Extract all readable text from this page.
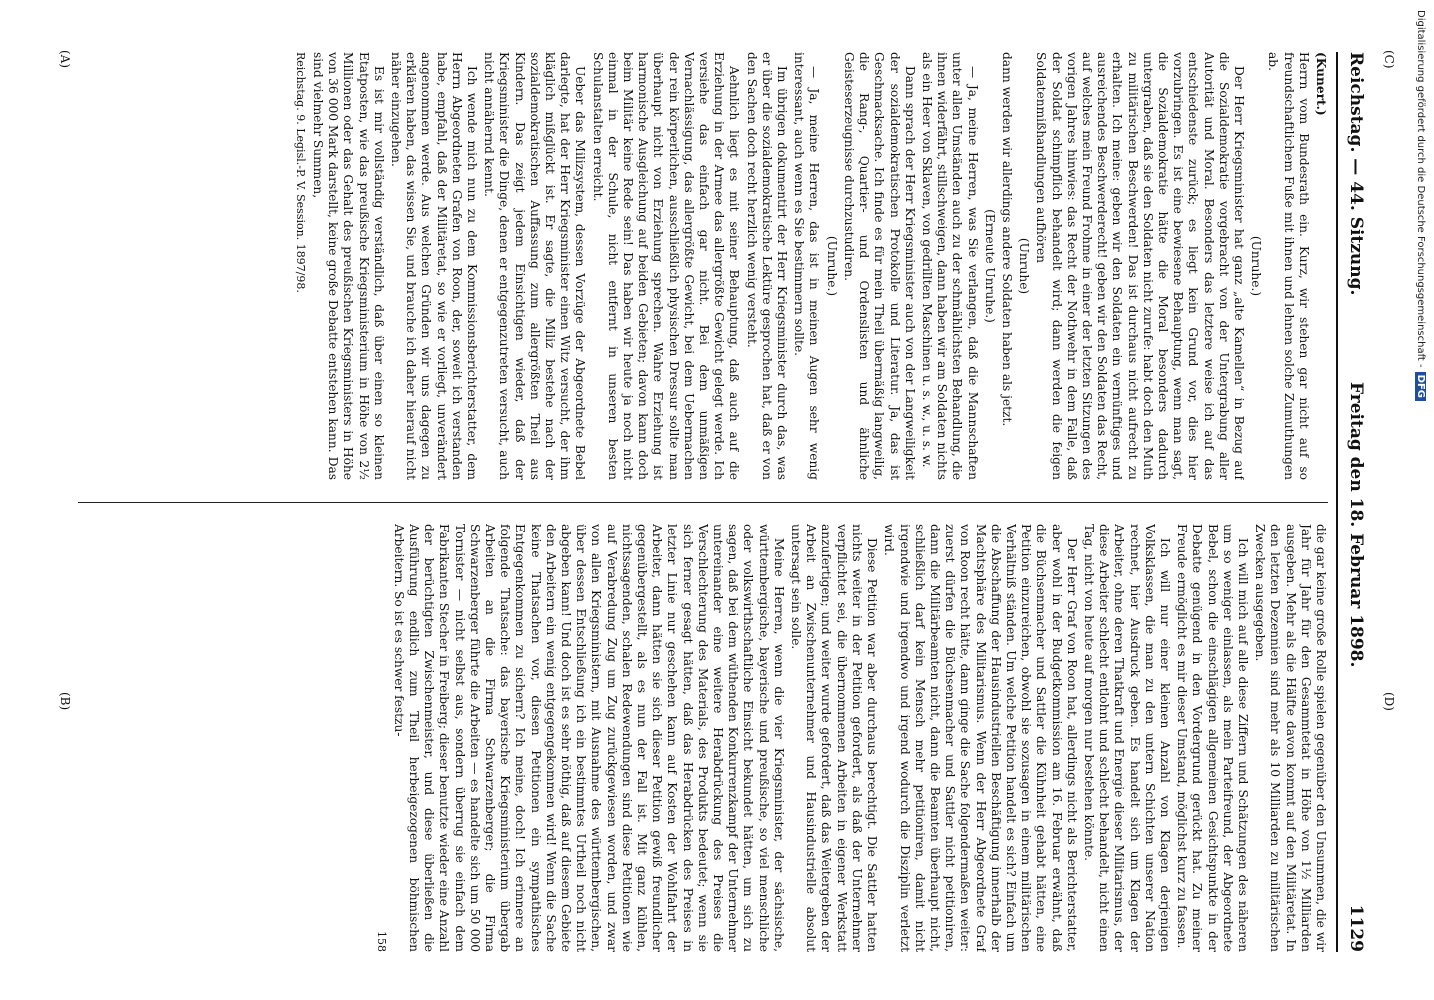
Reichstag. — 44. Sitzung.
Freitag den 18. Februar 1898.
1129

(Kunert.)

Herrn vom Bundesrath ein. Kurz, wir stehen gar nicht auf so freundschaftlichem Fuße mit ihnen und lehnen solche Zumuthungen ab.

(Unruhe.)

Der Herr Kriegsminister hat ganz „alte Kamellen“ in Bezug auf die Sozialdemokratie vorgebracht von der Untergrabung aller Autorität und Moral. Besonders das letztere weise ich auf das entschiedenste zurück; es liegt kein Grund vor, dies hier vorzubringen. Es ist eine bewiesene Behauptung, wenn man sagt, die Sozialdemokratie hätte die Moral besonders dadurch untergraben, daß sie den Soldaten nicht zurufe: habt doch den Muth zu militärischen Beschwerden! Das ist durchaus nicht aufrecht zu erhalten. Ich meine: geben wir den Soldaten ein vernünftiges und ausreichendes Beschwerderecht! geben wir den Soldaten das Recht, auf welches mein Freund Frohme in einer der letzten Sitzungen des vorigen Jahres hinwies: das Recht der Nothwehr in dem Falle, daß der Soldat schimpflich behandelt wird; dann werden die feigen Soldatenmißhandlungen aufhören

(Unruhe)

dann werden wir allerdings andere Soldaten haben als jetzt.

(Erneute Unruhe.)

— Ja, meine Herren, was Sie verlangen, daß die Mannschaften unter allen Umständen auch zu der schmählichsten Behandlung, die ihnen widerfährt, stillschweigen, dann haben wir am Soldaten nichts als ein Heer von Sklaven, von gedrillten Maschinen u. s. w., u. s. w.

Dann sprach der Herr Kriegsminister auch von der Langweiligkeit der sozialdemokratischen Protokolle und Literatur. Ja, das ist Geschmacksache. Ich finde es für mein Theil übermäßig langweilig, die Rang-, Quartier- und Ordenslisten und ähnliche Geisteserzeugnisse durchzustudiren.

(Unruhe.)

— Ja, meine Herren, das ist in meinen Augen sehr wenig interessant, auch wenn es Sie bestimmern sollte.

Im übrigen dokumentirt der Herr Kriegsminister durch das, was er über die sozialdemokratische Lektüre gesprochen hat, daß er von den Sachen doch recht herzlich wenig versteht.

Aehnlich liegt es mit seiner Behauptung, daß auch auf die Erziehung in der Armee das allergrößte Gewicht gelegt werde. Ich versiehe das einfach gar nicht. Bei dem unmäßigen Vernachlässigung, das allergrößte Gewicht, bei dem Uebermachen der rein körperlichen, ausschließlich physischen Dressur sollte man überhaupt nicht von Erziehung sprechen. Wahre Erziehung ist harmonische Ausgleichung auf beiden Gebieten; davon kann doch beim Militär keine Rede sein! Das haben wir heute ja noch nicht einmal in der Schule, nicht entfernt in unseren besten Schulanstalten erreicht.

Ueber das Milizsystem, dessen Vorzüge der Abgeordnete Bebel darlegte, hat der Herr Kriegsminister einen Witz versucht, der ihm kläglich mißglückt ist. Er sagte, die Miliz bestehe nach der sozialdemokratischen Auffassung zum allergrößten Theil aus Kindern. Das zeigt jedem Einsichtigen wieder, daß der Kriegsminister die Dinge, denen er entgegenzutreten versucht, auch nicht annähernd kennt.

Ich wende mich nun zu dem Kommissionsberichterstatter, dem Herrn Abgeordneten Grafen von Roon, der, soweit ich verstanden habe, empfahl, daß der Militäretat, so wie er vorliegt, unverändert angenommen werde. Aus welchen Gründen wir uns dagegen zu erklären haben, das wissen Sie, und brauche ich daher hierauf nicht näher einzugehen.

Es ist mir vollständig verständlich, daß über einen so kleinen Etatposten, wie das preußische Kriegsministerium in Höhe von 2½ Millionen oder das Gehalt des preußischen Kriegsministers in Höhe von 36 000 Mark darstellt, keine große Debatte entstehen kann. Das sind vielmehr Summen,

Reichstag. 9. Legisl.-P. V. Session. 1897/98.

die gar keine große Rolle spielen gegenüber den Unsummen, die wir Jahr für Jahr für den Gesammtetat in Höhe von 1½ Milliarden ausgeben. Mehr als die Hälfte davon kommt auf den Militäretat. In den letzten Dezennien sind mehr als 10 Milliarden zu militärischen Zwecken ausgegeben.

Ich will mich auf alle diese Ziffern und Schätzungen des näheren um so weniger einlassen, als mein Parteifreund, der Abgeordnete Bebel, schon die einschlägigen allgemeinen Gesichtspunkte in der Debatte genügend in den Vordergrund gerückt hat. Zu meiner Freude ermöglicht es mir dieser Umstand, möglichst kurz zu fassen.

Ich will nur einer kleinen Anzahl von Klagen derjenigen Volksklassen, die man zu den untern Schichten unserer Nation rechnet, hier Ausdruck geben. Es handelt sich um Klagen der Arbeiter, ohne deren Thatkraft und Energie dieser Militarismus, der diese Arbeiter schlecht entlohnt und schlecht behandelt, nicht einen Tag, nicht von heute auf morgen nur bestehen könnte.

Der Herr Graf von Roon hat, allerdings nicht als Berichterstatter, aber wohl in der Budgetkommission am 16. Februar erwähnt, daß die Büchsenmacher und Sattler die Kühnheit gehabt hätten, eine Petition einzureichen, obwohl sie sozusagen in einem militärischen Verhältniß ständen. Um welche Petition handelt es sich? Einfach um die Abschaffung der Hausindustriellen Beschäftigung innerhalb der Machtsphäre des Militarismus. Wenn der Herr Abgeordnete Graf von Roon recht hätte, dann ginge die Sache folgendermaßen weiter: zuerst dürfen die Büchsenmacher und Sattler nicht petitioniren, dann die Militärbeamten nicht, dann die Beamten überhaupt nicht, schließlich darf kein Mensch mehr petitioniren, damit nicht irgendwie und irgendwo und irgend wodurch die Disziplin verletzt wird.

Diese Petition war aber durchaus berechtigt. Die Sattler hatten nichts weiter in der Petition gefordert, als daß der Unternehmer verpflichtet sei, die übernommenen Arbeiten in eigener Werkstatt anzufertigen; und weiter wurde gefordert, daß das Weitergeben der Arbeit an Zwischenunternehmer und Hausindustrielle absolut untersagt sein solle.

Meine Herren, wenn die vier Kriegsminister, der sächsische, württembergische, bayerische und preußische, so viel menschliche oder volkswirthschaftliche Einsicht bekundet hätten, um sich zu sagen, daß bei dem wüthenden Konkurrenzkampf der Unternehmer untereinander eine weitere Herabdrückung des Preises die Verschlechterung des Materials, des Produkts bedeutet; wenn sie sich ferner gesagt hätten, daß das Herabdrücken des Preises in letzter Linie nur geschehen kann auf Kosten der Wohlfahrt der Arbeiter, dann hätten sie sich dieser Petition gewiß freundlicher gegenübergestellt, als es nun der Fall ist. Mit ganz kühlen, nichtssagenden, schalen Redewendungen sind diese Petitionen wie auf Verabredung Zug um Zug zurückgewiesen worden, und zwar von allen Kriegsministern, mit Ausnahme des württembergischen, über dessen Entschließung ich ein bestimmtes Urtheil noch nicht abgeben kann! Und doch ist es sehr nöthig, daß auf diesem Gebiete den Arbeitern ein wenig entgegengekommen wird! Wenn die Sache keine Thatsachen vor, diesen Petitionen ein sympathisches Entgegenkommen zu sichern? Ich meine, doch! Ich erinnere an folgende Thatsache: das bayerische Kriegsministerium übergab Arbeiten an die Firma Schwarzenberger; die Firma Schwarzenberger führte die Arbeiten — es handelte sich um 50 000 Tornister — nicht selbst aus, sondern überrug sie einfach dem Fabrikanten Stecher in Freiberg; dieser benutzte wieder eine Anzahl der berüchtigten Zwischenmeister, und diese überließen die Ausführung endlich zum Theil herbeigezogenen böhmischen Arbeitern. So ist es schwer festzu-

158

(A)
(B)
(C)
(D)
Digitalisierung gefördert durch die Deutsche Forschungsgemeinschaft -DFG
